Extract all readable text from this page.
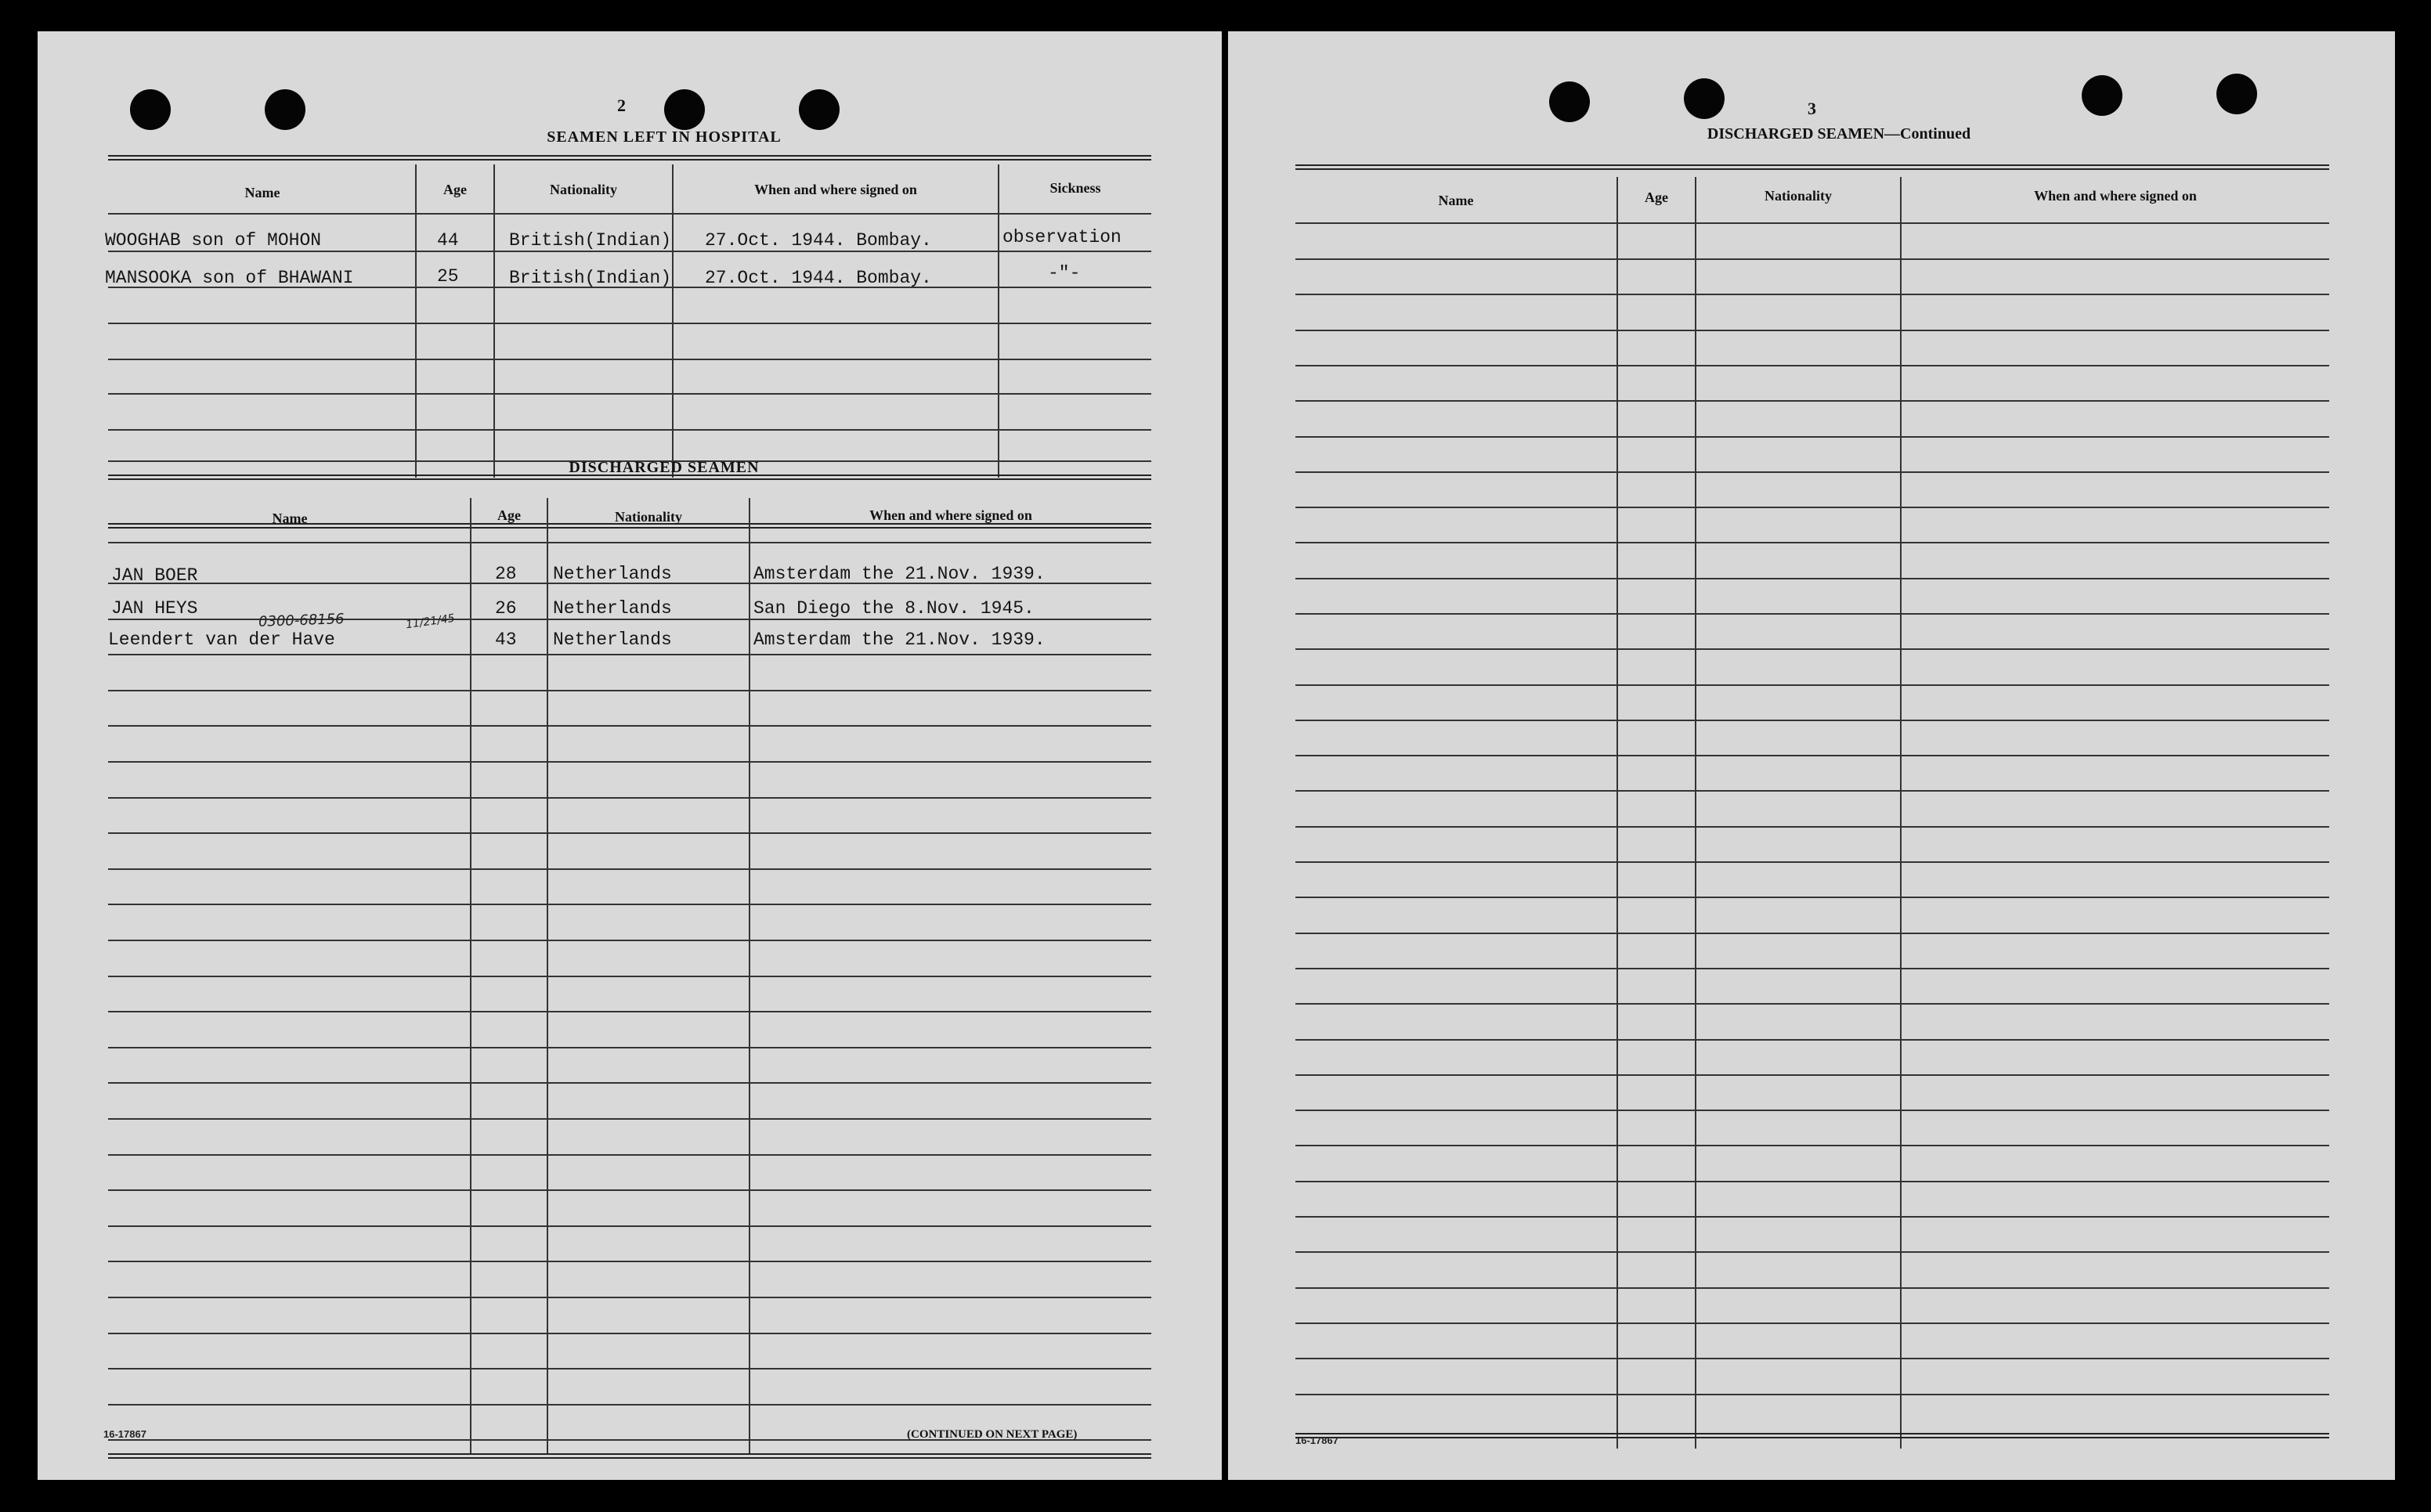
2
SEAMEN LEFT IN HOSPITAL
Name	Age	Nationality	When and where signed on	Sickness
WOOGHAB son of MOHON	44	British(Indian) 27.Oct. 1944. Bombay.	observation
MANSOOKA son of BHAWANI	25	British(Indian) 27.Oct. 1944. Bombay.	-"-
DISCHARGED SEAMEN
Name	Age	Nationality	When and where signed on
JAN BOER	28 Netherlands	Amsterdam the 21.Nov. 1939.
JAN HEYS	26 Netherlands	San Diego the 8.Nov. 1945.
Leendert van der Have	43 Netherlands	Amsterdam the 21.Nov. 1939.
0300-68156	11/21/45
16-17867	(CONTINUED ON NEXT PAGE)
3
DISCHARGED SEAMEN—Continued
Name	Age	Nationality	When and where signed on
16-17867
